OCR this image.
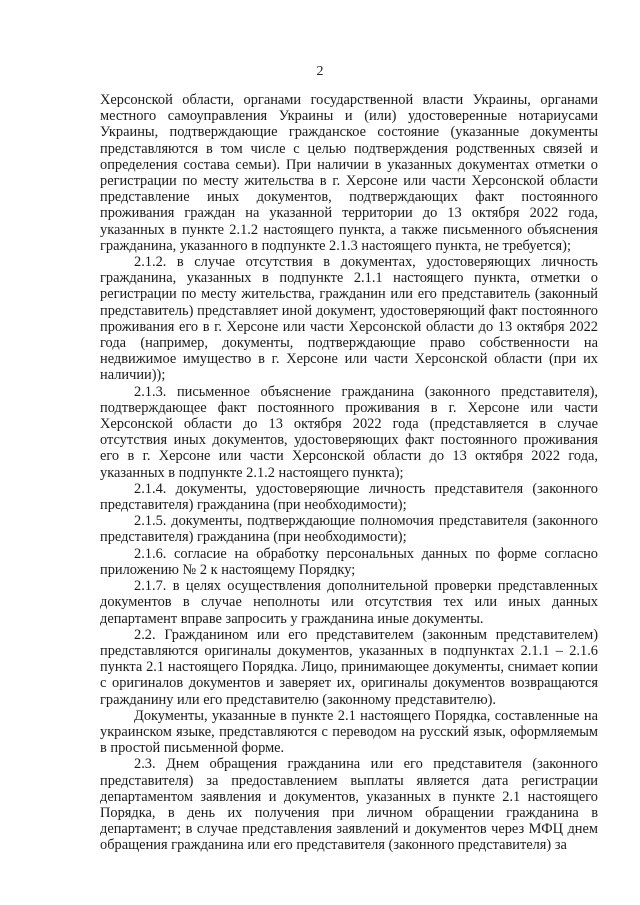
2

Херсонской области, органами государственной власти Украины, органами местного самоуправления Украины и (или) удостоверенные нотариусами Украины, подтверждающие гражданское состояние (указанные документы представляются в том числе с целью подтверждения родственных связей и определения состава семьи). При наличии в указанных документах отметки о регистрации по месту жительства в г. Херсоне или части Херсонской области представление иных документов, подтверждающих факт постоянного проживания граждан на указанной территории до 13 октября 2022 года, указанных в пункте 2.1.2 настоящего пункта, а также письменного объяснения гражданина, указанного в подпункте 2.1.3 настоящего пункта, не требуется);

2.1.2. в случае отсутствия в документах, удостоверяющих личность гражданина, указанных в подпункте 2.1.1 настоящего пункта, отметки о регистрации по месту жительства, гражданин или его представитель (законный представитель) представляет иной документ, удостоверяющий факт постоянного проживания его в г. Херсоне или части Херсонской области до 13 октября 2022 года (например, документы, подтверждающие право собственности на недвижимое имущество в г. Херсоне или части Херсонской области (при их наличии));

2.1.3. письменное объяснение гражданина (законного представителя), подтверждающее факт постоянного проживания в г. Херсоне или части Херсонской области до 13 октября 2022 года (представляется в случае отсутствия иных документов, удостоверяющих факт постоянного проживания его в г. Херсоне или части Херсонской области до 13 октября 2022 года, указанных в подпункте 2.1.2 настоящего пункта);

2.1.4. документы, удостоверяющие личность представителя (законного представителя) гражданина (при необходимости);

2.1.5. документы, подтверждающие полномочия представителя (законного представителя) гражданина (при необходимости);

2.1.6. согласие на обработку персональных данных по форме согласно приложению № 2 к настоящему Порядку;

2.1.7. в целях осуществления дополнительной проверки представленных документов в случае неполноты или отсутствия тех или иных данных департамент вправе запросить у гражданина иные документы.

2.2. Гражданином или его представителем (законным представителем) представляются оригиналы документов, указанных в подпунктах 2.1.1 – 2.1.6 пункта 2.1 настоящего Порядка. Лицо, принимающее документы, снимает копии с оригиналов документов и заверяет их, оригиналы документов возвращаются гражданину или его представителю (законному представителю).

Документы, указанные в пункте 2.1 настоящего Порядка, составленные на украинском языке, представляются с переводом на русский язык, оформляемым в простой письменной форме.

2.3. Днем обращения гражданина или его представителя (законного представителя) за предоставлением выплаты является дата регистрации департаментом заявления и документов, указанных в пункте 2.1 настоящего Порядка, в день их получения при личном обращении гражданина в департамент; в случае представления заявлений и документов через МФЦ днем обращения гражданина или его представителя (законного представителя) за
